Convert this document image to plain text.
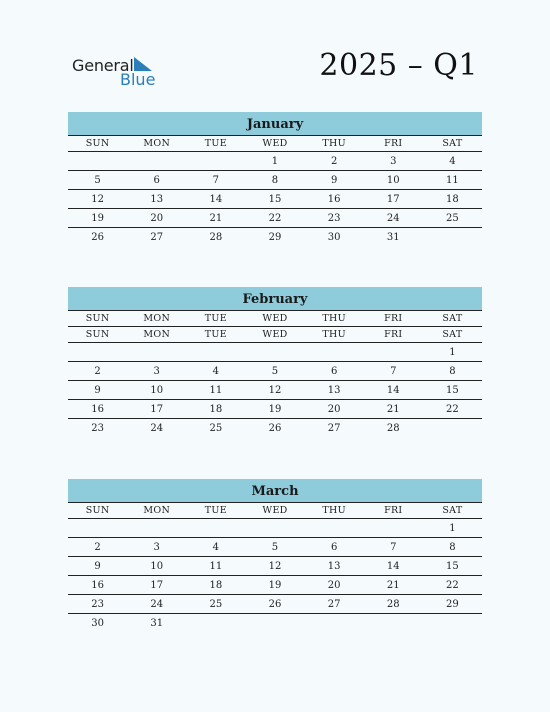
General
Blue	2025 – Q1
January
SUN	MON	TUE	WED	THU	FRI	SAT
			1	2	3	4
5	6	7	8	9	10	11
12	13	14	15	16	17	18
19	20	21	22	23	24	25
26	27	28	29	30	31	
February
SUN	MON	TUE	WED	THU	FRI	SAT
SUN	MON	TUE	WED	THU	FRI	SAT
						1
2	3	4	5	6	7	8
9	10	11	12	13	14	15
16	17	18	19	20	21	22
23	24	25	26	27	28	
March
SUN	MON	TUE	WED	THU	FRI	SAT
						1
2	3	4	5	6	7	8
9	10	11	12	13	14	15
16	17	18	19	20	21	22
23	24	25	26	27	28	29
30	31					
